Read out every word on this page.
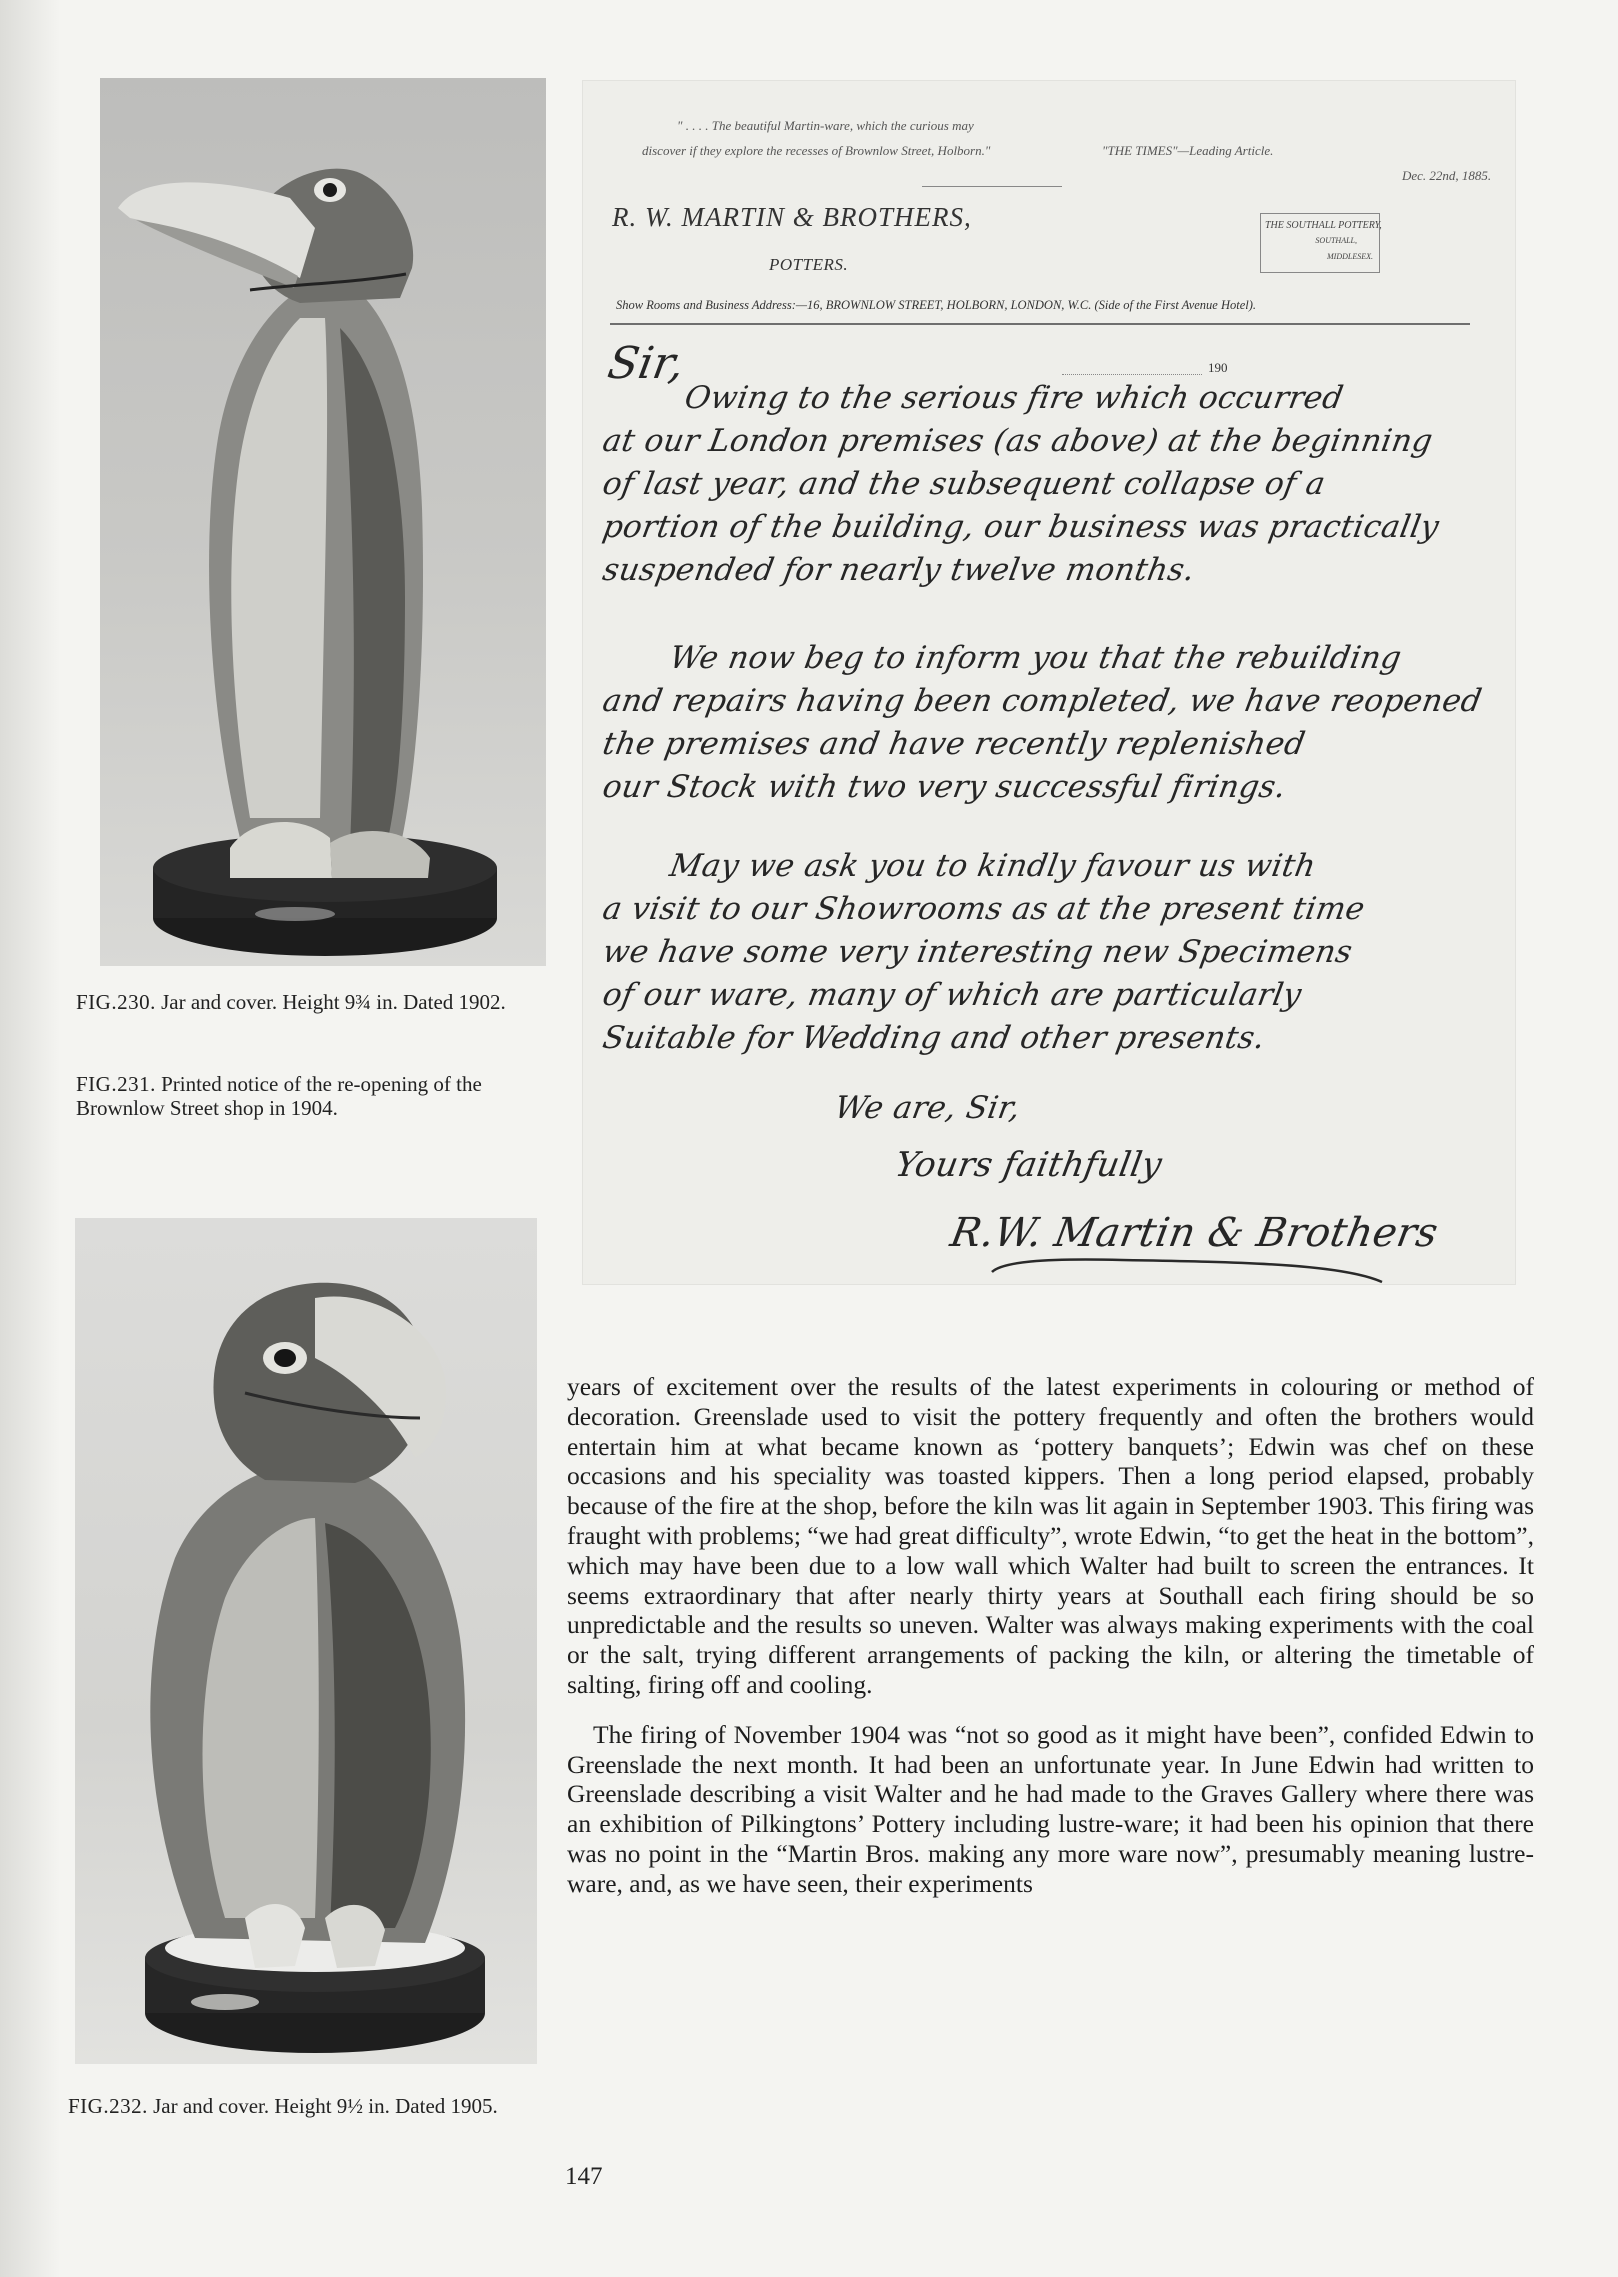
FIG.230. Jar and cover. Height 9¾ in. Dated 1902.
FIG.231. Printed notice of the re-opening of the Brownlow Street shop in 1904.
FIG.232. Jar and cover. Height 9½ in. Dated 1905.
" . . . . The beautiful Martin-ware, which the curious may
discover if they explore the recesses of Brownlow Street, Holborn."	"THE TIMES"—Leading Article.
Dec. 22nd, 1885.
R. W. MARTIN & BROTHERS,
POTTERS.
THE SOUTHALL POTTERY,
SOUTHALL,
MIDDLESEX.
Show Rooms and Business Address:—16, BROWNLOW STREET, HOLBORN, LONDON, W.C. (Side of the First Avenue Hotel).
190
Sir,
Owing to the serious fire which occurred
at our London premises (as above) at the beginning
of last year, and the subsequent collapse of a
portion of the building, our business was practically
suspended for nearly twelve months.
We now beg to inform you that the rebuilding
and repairs having been completed, we have reopened
the premises and have recently replenished
our Stock with two very successful firings.
May we ask you to kindly favour us with
a visit to our Showrooms as at the present time
we have some very interesting new Specimens
of our ware, many of which are particularly
Suitable for Wedding and other presents.
We are, Sir,
Yours faithfully
R.W. Martin & Brothers

years of excitement over the results of the latest experiments in colouring or method of decoration. Greenslade used to visit the pottery frequently and often the brothers would entertain him at what became known as ‘pottery banquets’; Edwin was chef on these occasions and his speciality was toasted kippers. Then a long period elapsed, probably because of the fire at the shop, before the kiln was lit again in September 1903. This firing was fraught with problems; “we had great difficulty”, wrote Edwin, “to get the heat in the bottom”, which may have been due to a low wall which Walter had built to screen the entrances. It seems extraordinary that after nearly thirty years at Southall each firing should be so unpredictable and the results so uneven. Walter was always making experiments with the coal or the salt, trying different arrangements of packing the kiln, or altering the timetable of salting, firing off and cooling.

The firing of November 1904 was “not so good as it might have been”, confided Edwin to Greenslade the next month. It had been an unfortunate year. In June Edwin had written to Greenslade describing a visit Walter and he had made to the Graves Gallery where there was an exhibition of Pilkingtons’ Pottery including lustre-ware; it had been his opinion that there was no point in the “Martin Bros. making any more ware now”, presumably meaning lustre-ware, and, as we have seen, their experiments

147
